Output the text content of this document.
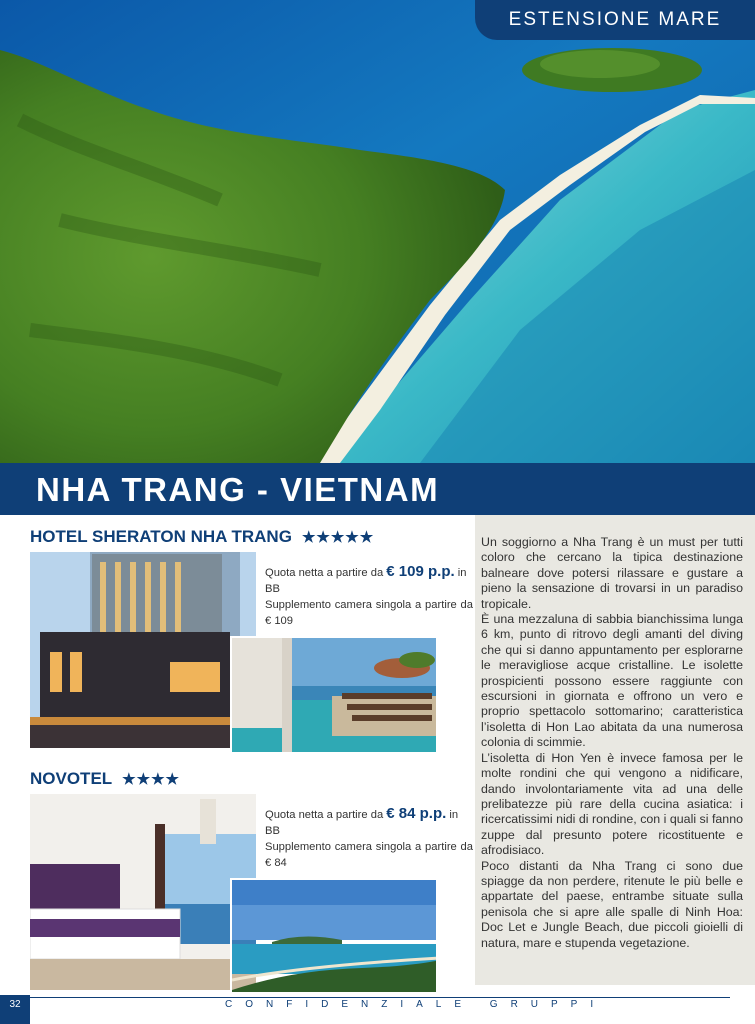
ESTENSIONE MARE
NHA TRANG - VIETNAM
HOTEL SHERATON NHA TRANG ★★★★★
Quota netta a partire da € 109 p.p. in BB
Supplemento camera singola a partire da € 109
NOVOTEL ★★★★
Quota netta a partire da € 84 p.p. in BB
Supplemento camera singola a partire da € 84

Un soggiorno a Nha Trang è un must per tutti coloro che cercano la tipica destinazione balneare dove potersi rilassare e gustare a pieno la sensazione di trovarsi in un paradiso tropicale.

È una mezzaluna di sabbia bianchissima lunga 6 km, punto di ritrovo degli amanti del diving che qui si danno appuntamento per esplorarne le meravigliose acque cristalline. Le isolette prospicienti possono essere raggiunte con escursioni in giornata e offrono un vero e proprio spettacolo sottomarino; caratteristica l’isoletta di Hon Lao abitata da una numerosa colonia di scimmie.

L’isoletta di Hon Yen è invece famosa per le molte rondini che qui vengono a nidificare, dando involontariamente vita ad una delle prelibatezze più rare della cucina asiatica: i ricercatissimi nidi di rondine, con i quali si fanno zuppe dal presunto potere ricostituente e afrodisiaco.

Poco distanti da Nha Trang ci sono due spiagge da non perdere, ritenute le più belle e appartate del paese, entrambe situate sulla penisola che si apre alle spalle di Ninh Hoa: Doc Let e Jungle Beach, due piccoli gioielli di natura, mare e stupenda vegetazione.

32	CONFIDENZIALE GRUPPI
